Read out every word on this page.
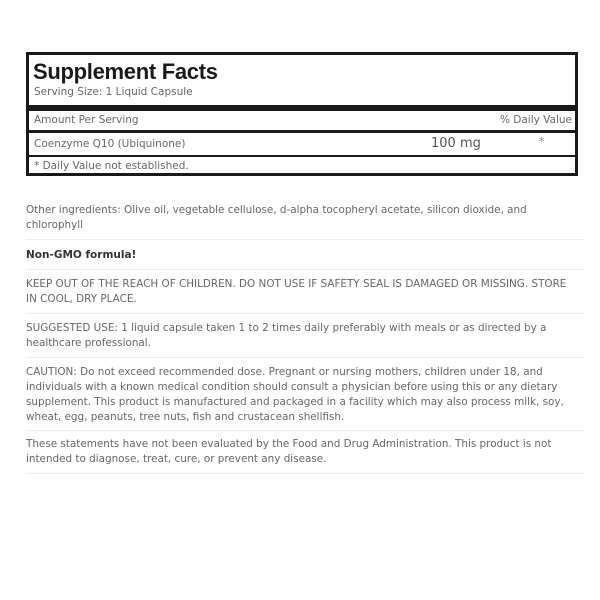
Supplement Facts
Serving Size: 1 Liquid Capsule
Amount Per Serving	% Daily Value
Coenzyme Q10 (Ubiquinone)	100 mg	*
* Daily Value not established.
Other ingredients: Olive oil, vegetable cellulose, d-alpha tocopheryl acetate, silicon dioxide, and chlorophyll
Non-GMO formula!
KEEP OUT OF THE REACH OF CHILDREN. DO NOT USE IF SAFETY SEAL IS DAMAGED OR MISSING. STORE IN COOL, DRY PLACE.
SUGGESTED USE: 1 liquid capsule taken 1 to 2 times daily preferably with meals or as directed by a healthcare professional.
CAUTION: Do not exceed recommended dose. Pregnant or nursing mothers, children under 18, and individuals with a known medical condition should consult a physician before using this or any dietary supplement. This product is manufactured and packaged in a facility which may also process milk, soy, wheat, egg, peanuts, tree nuts, fish and crustacean shellfish.
These statements have not been evaluated by the Food and Drug Administration. This product is not intended to diagnose, treat, cure, or prevent any disease.
